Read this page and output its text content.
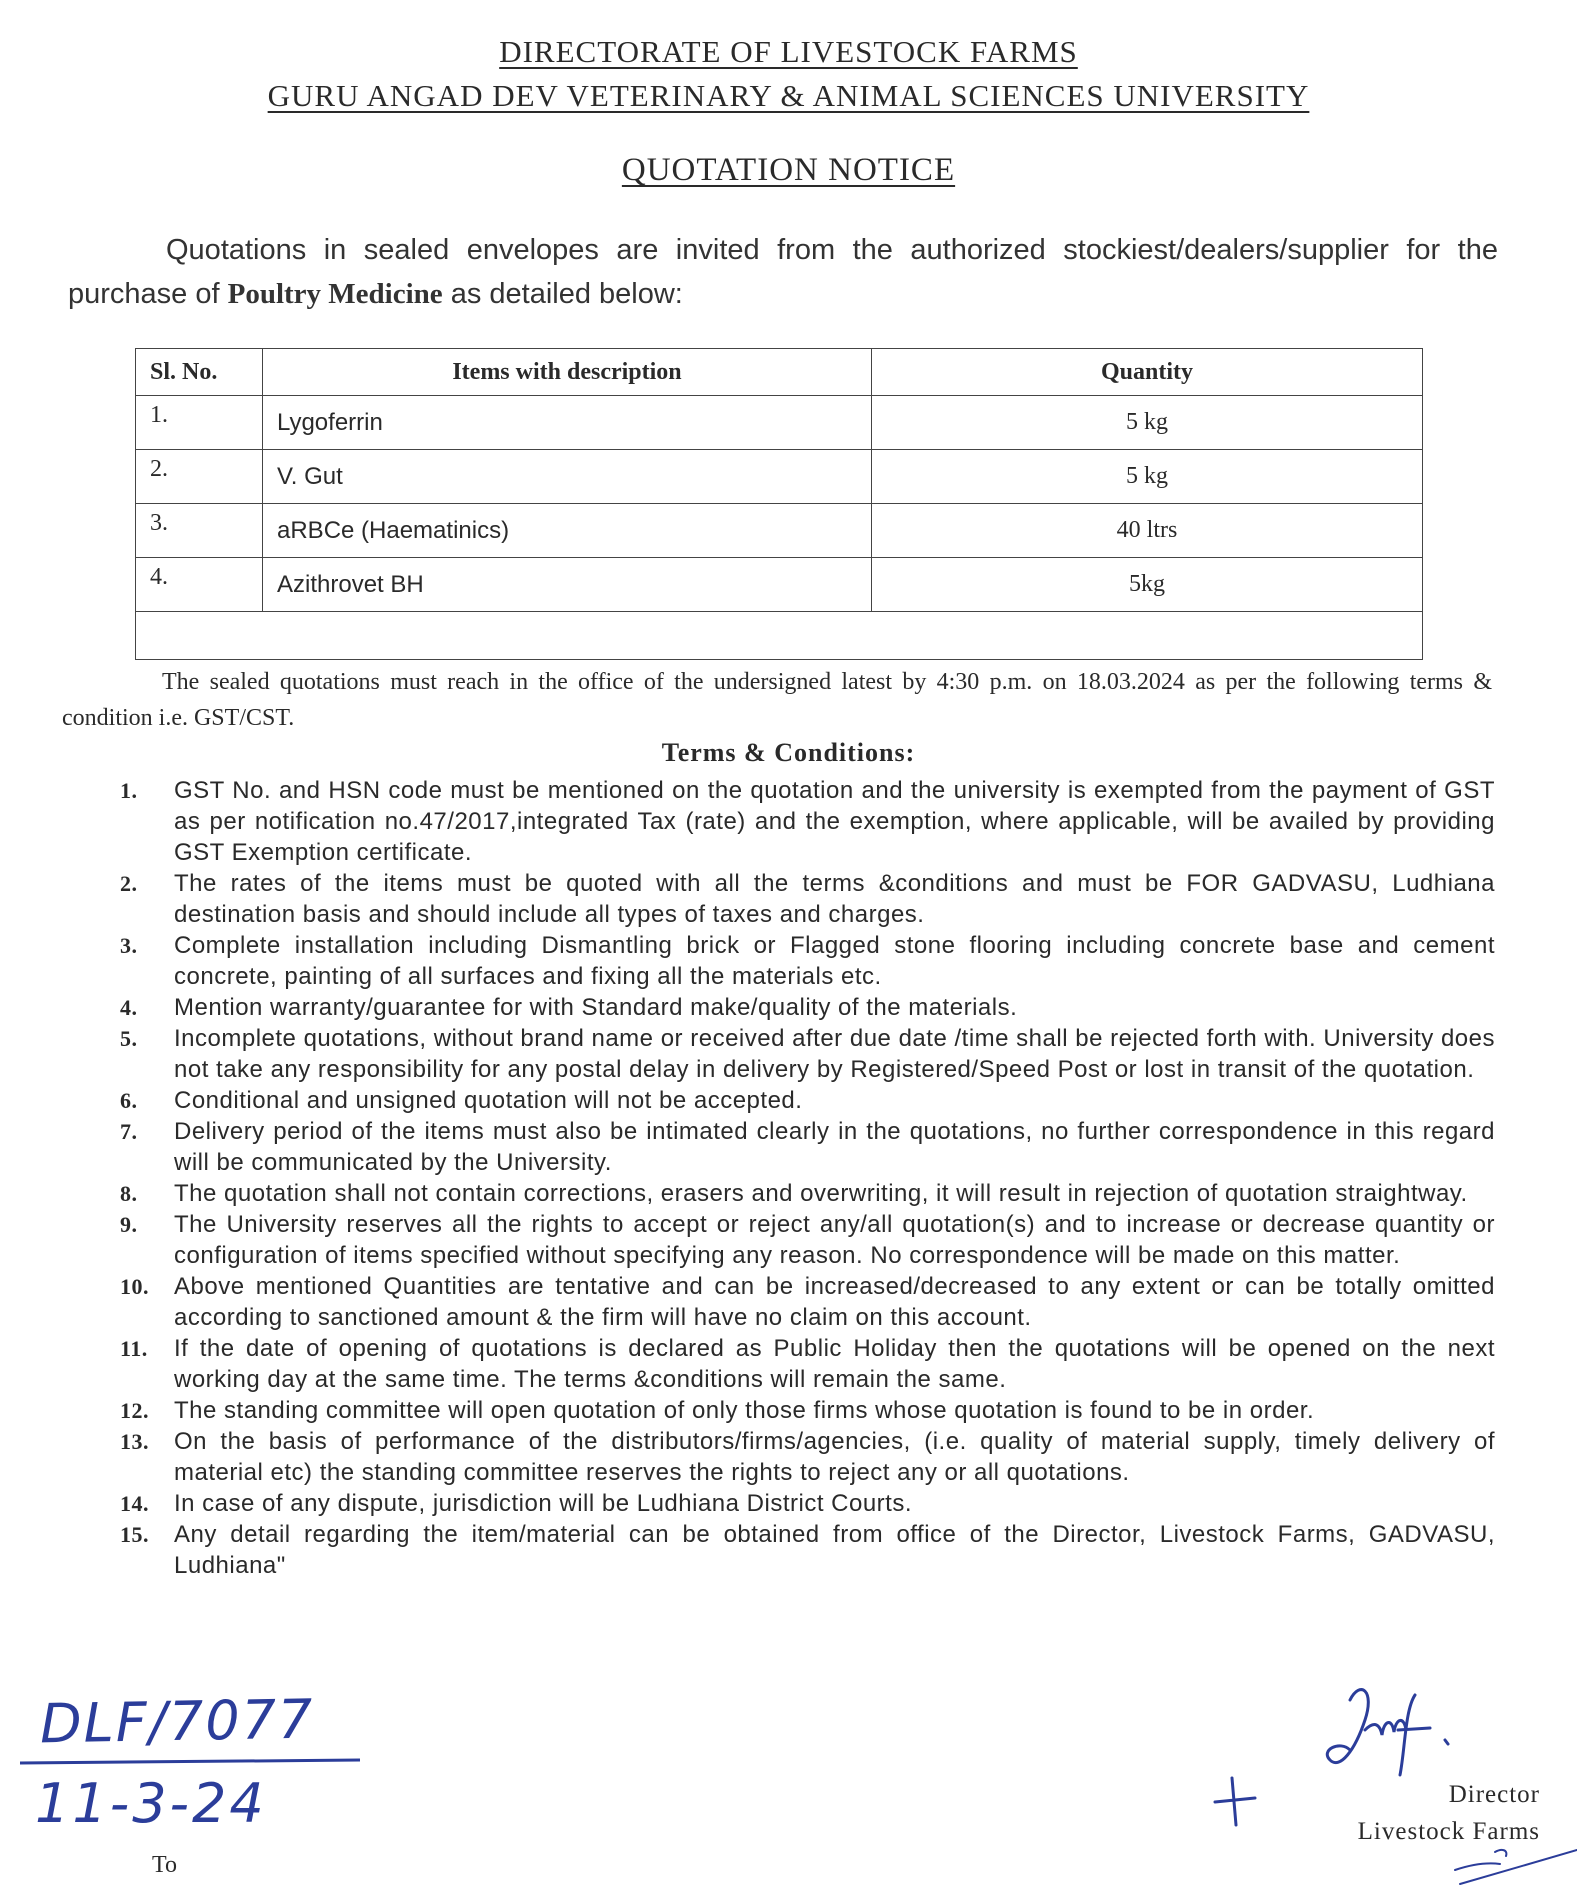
DIRECTORATE OF LIVESTOCK FARMS
GURU ANGAD DEV VETERINARY & ANIMAL SCIENCES UNIVERSITY
QUOTATION NOTICE
Quotations in sealed envelopes are invited from the authorized stockiest/dealers/supplier for the purchase of Poultry Medicine as detailed below:
Sl. No.	Items with description	Quantity
1.	Lygoferrin	5 kg
2.	V. Gut	5 kg
3.	aRBCe (Haematinics)	40 ltrs
4.	Azithrovet BH	5kg

The sealed quotations must reach in the office of the undersigned latest by 4:30 p.m. on 18.03.2024 as per the following terms & condition i.e. GST/CST.
Terms & Conditions:
1. GST No. and HSN code must be mentioned on the quotation and the university is exempted from the payment of GST as per notification no.47/2017,integrated Tax (rate) and the exemption, where applicable, will be availed by providing GST Exemption certificate.
2. The rates of the items must be quoted with all the terms &conditions and must be FOR GADVASU, Ludhiana destination basis and should include all types of taxes and charges.
3. Complete installation including Dismantling brick or Flagged stone flooring including concrete base and cement concrete, painting of all surfaces and fixing all the materials etc.
4. Mention warranty/guarantee for with Standard make/quality of the materials.
5. Incomplete quotations, without brand name or received after due date /time shall be rejected forth with. University does not take any responsibility for any postal delay in delivery by Registered/Speed Post or lost in transit of the quotation.
6. Conditional and unsigned quotation will not be accepted.
7. Delivery period of the items must also be intimated clearly in the quotations, no further correspondence in this regard will be communicated by the University.
8. The quotation shall not contain corrections, erasers and overwriting, it will result in rejection of quotation straightway.
9. The University reserves all the rights to accept or reject any/all quotation(s) and to increase or decrease quantity or configuration of items specified without specifying any reason. No correspondence will be made on this matter.
10. Above mentioned Quantities are tentative and can be increased/decreased to any extent or can be totally omitted according to sanctioned amount & the firm will have no claim on this account.
11. If the date of opening of quotations is declared as Public Holiday then the quotations will be opened on the next working day at the same time. The terms &conditions will remain the same.
12. The standing committee will open quotation of only those firms whose quotation is found to be in order.
13. On the basis of performance of the distributors/firms/agencies, (i.e. quality of material supply, timely delivery of material etc) the standing committee reserves the rights to reject any or all quotations.
14. In case of any dispute, jurisdiction will be Ludhiana District Courts.
15. Any detail regarding the item/material can be obtained from office of the Director, Livestock Farms, GADVASU, Ludhiana"
DLF/7077
11-3-24
To
Director
Livestock Farms
